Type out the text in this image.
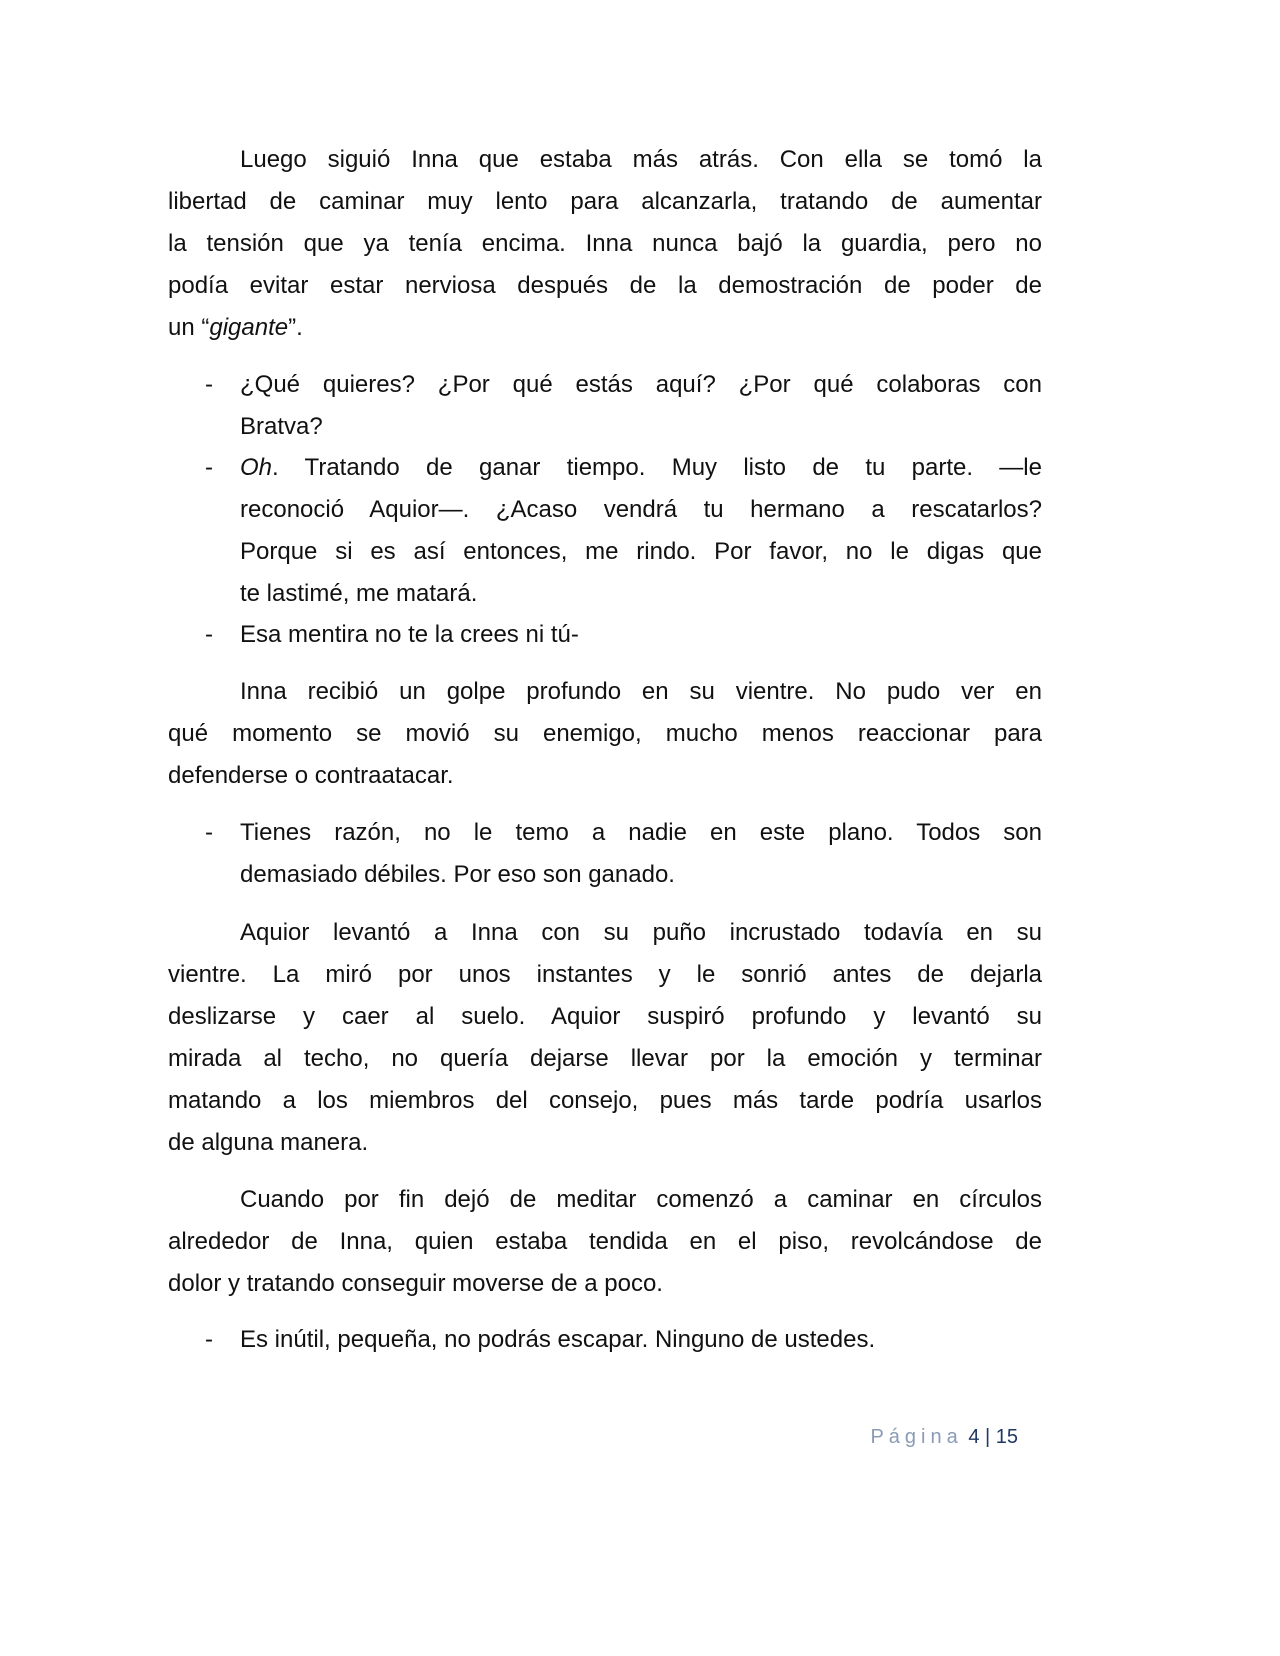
Luego siguió Inna que estaba más atrás. Con ella se tomó la
libertad de caminar muy lento para alcanzarla, tratando de aumentar
la tensión que ya tenía encima. Inna nunca bajó la guardia, pero no
podía evitar estar nerviosa después de la demostración de poder de
un “gigante”.
- ¿Qué quieres? ¿Por qué estás aquí? ¿Por qué colaboras con
Bratva?
- Oh. Tratando de ganar tiempo. Muy listo de tu parte. —le
reconoció Aquior—. ¿Acaso vendrá tu hermano a rescatarlos?
Porque si es así entonces, me rindo. Por favor, no le digas que
te lastimé, me matará.
- Esa mentira no te la crees ni tú-
Inna recibió un golpe profundo en su vientre. No pudo ver en
qué momento se movió su enemigo, mucho menos reaccionar para
defenderse o contraatacar.
- Tienes razón, no le temo a nadie en este plano. Todos son
demasiado débiles. Por eso son ganado.
Aquior levantó a Inna con su puño incrustado todavía en su
vientre. La miró por unos instantes y le sonrió antes de dejarla
deslizarse y caer al suelo. Aquior suspiró profundo y levantó su
mirada al techo, no quería dejarse llevar por la emoción y terminar
matando a los miembros del consejo, pues más tarde podría usarlos
de alguna manera.
Cuando por fin dejó de meditar comenzó a caminar en círculos
alrededor de Inna, quien estaba tendida en el piso, revolcándose de
dolor y tratando conseguir moverse de a poco.
- Es inútil, pequeña, no podrás escapar. Ninguno de ustedes.
Página 4 | 15
